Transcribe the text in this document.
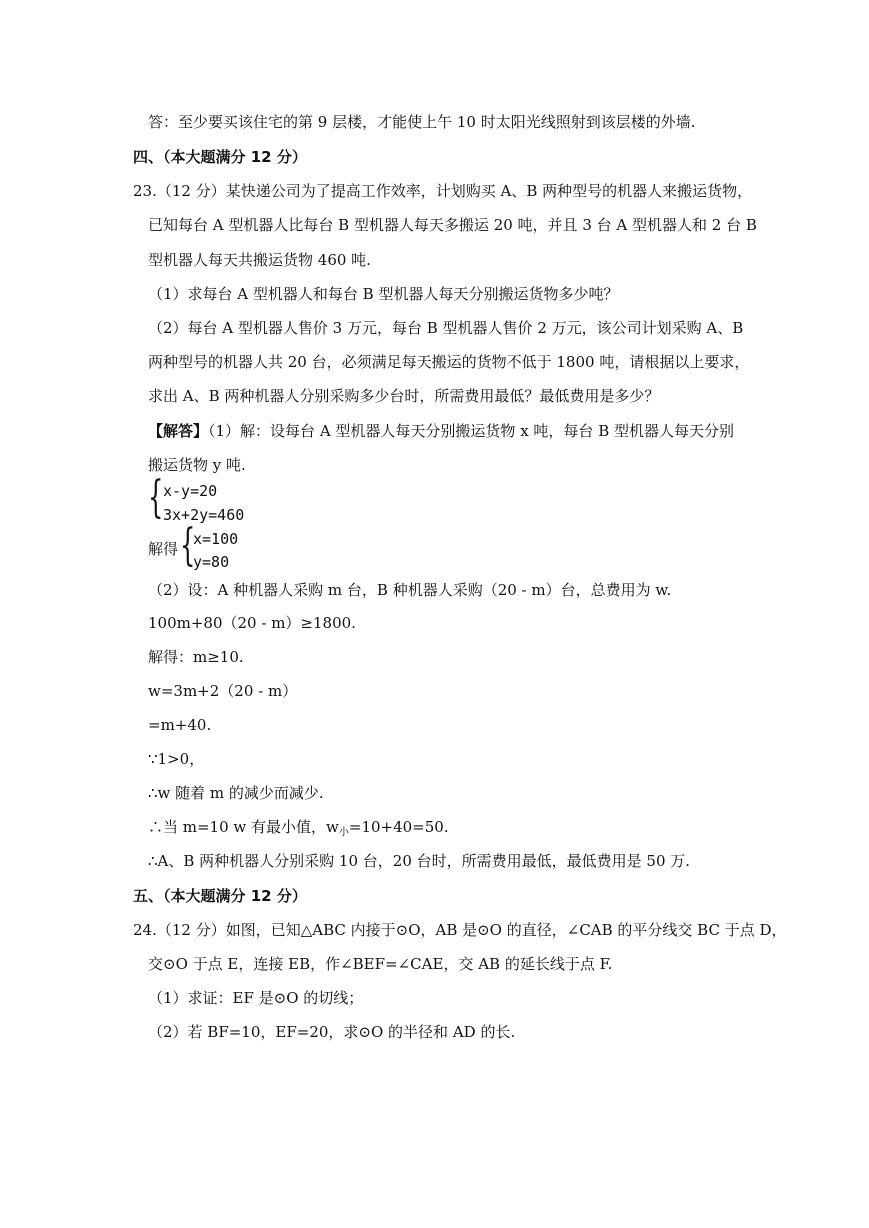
答：至少要买该住宅的第 9 层楼，才能使上午 10 时太阳光线照射到该层楼的外墙.
四、（本大题满分 12 分）
23.（12 分）某快递公司为了提高工作效率，计划购买 A、B 两种型号的机器人来搬运货物，
已知每台 A 型机器人比每台 B 型机器人每天多搬运 20 吨，并且 3 台 A 型机器人和 2 台 B
型机器人每天共搬运货物 460 吨.
（1）求每台 A 型机器人和每台 B 型机器人每天分别搬运货物多少吨？
（2）每台 A 型机器人售价 3 万元，每台 B 型机器人售价 2 万元，该公司计划采购 A、B
两种型号的机器人共 20 台，必须满足每天搬运的货物不低于 1800 吨，请根据以上要求，
求出 A、B 两种机器人分别采购多少台时，所需费用最低？最低费用是多少？
【解答】（1）解：设每台 A 型机器人每天分别搬运货物 x 吨，每台 B 型机器人每天分别
搬运货物 y 吨.
{ x-y=20
3x+2y=460
解得 {
x=100
y=80
（2）设：A 种机器人采购 m 台，B 种机器人采购（20 - m）台，总费用为 w.
100m+80（20 - m）≥1800.
解得：m≥10.
w=3m+2（20 - m）
=m+40.
∵1>0，
∴w 随着 m 的减少而减少.
∴当 m=10 w 有最小值，$w_小=10+40=50$.
∴A、B 两种机器人分别采购 10 台，20 台时，所需费用最低，最低费用是 50 万.
五、（本大题满分 12 分）
24.（12 分）如图，已知△ABC 内接于⊙O，AB 是⊙O 的直径，∠CAB 的平分线交 BC 于点 D，
交⊙O 于点 E，连接 EB，作∠BEF=∠CAE，交 AB 的延长线于点 F.
（1）求证：EF 是⊙O 的切线；
（2）若 BF=10，EF=20，求⊙O 的半径和 AD 的长.
